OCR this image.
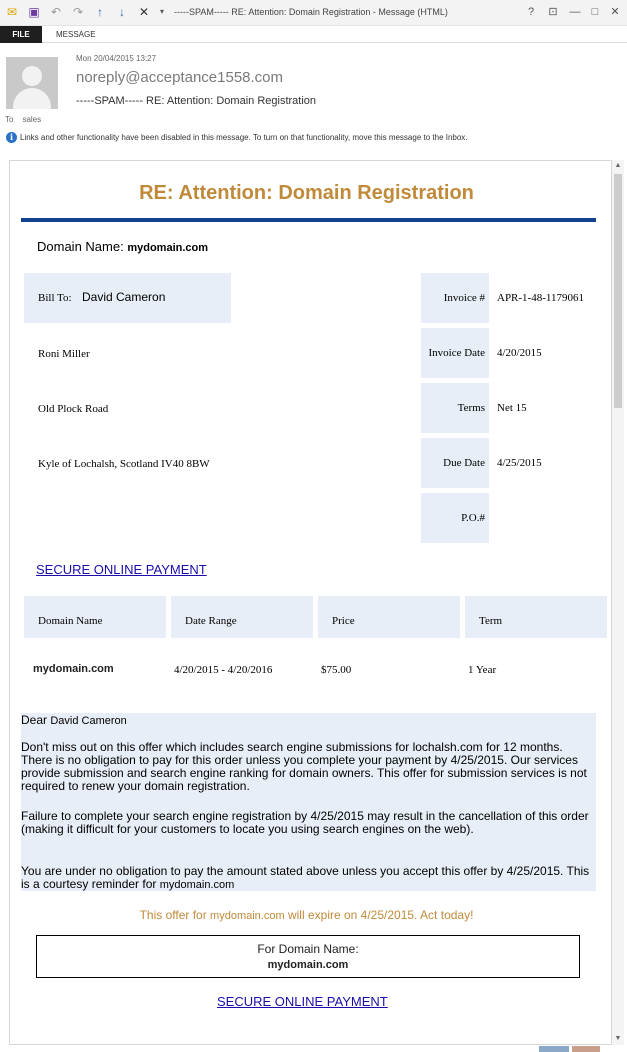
✉ ▣ ↶ ↷	↑	↓	✕	▾	-----SPAM----- RE: Attention: Domain Registration - Message (HTML)	?	⊡	—	□	✕
FILE	MESSAGE
Mon 20/04/2015 13:27
noreply@acceptance1558.com
-----SPAM----- RE: Attention: Domain Registration
To sales
i Links and other functionality have been disabled in this message. To turn on that functionality, move this message to the Inbox.
RE: Attention: Domain Registration
Domain Name: mydomain.com
Bill To: David Cameron
Roni Miller
Old Plock Road
Kyle of Lochalsh, Scotland IV40 8BW
Invoice # APR-1-48-1179061
Invoice Date 4/20/2015
Terms Net 15
Due Date 4/25/2015
P.O.#
SECURE ONLINE PAYMENT
Domain Name	Date Range	Price	Term
mydomain.com	4/20/2015 - 4/20/2016	$75.00	1 Year

Dear David Cameron

Don't miss out on this offer which includes search engine submissions for lochalsh.com for 12 months. There is no obligation to pay for this order unless you complete your payment by 4/25/2015. Our services provide submission and search engine ranking for domain owners. This offer for submission services is not required to renew your domain registration.

Failure to complete your search engine registration by 4/25/2015 may result in the cancellation of this order (making it difficult for your customers to locate you using search engines on the web).

You are under no obligation to pay the amount stated above unless you accept this offer by 4/25/2015. This is a courtesy reminder for mydomain.com

This offer for mydomain.com will expire on 4/25/2015. Act today!
For Domain Name:
mydomain.com
SECURE ONLINE PAYMENT
▲
▼
